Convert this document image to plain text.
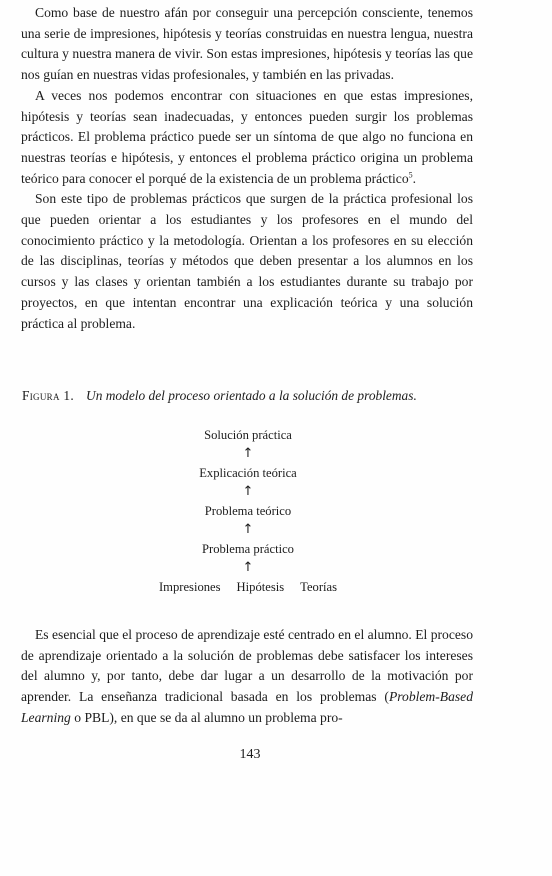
Como base de nuestro afán por conseguir una percepción consciente, tenemos una serie de impresiones, hipótesis y teorías construidas en nuestra lengua, nuestra cultura y nuestra manera de vivir. Son estas impresiones, hipótesis y teorías las que nos guían en nuestras vidas profesionales, y también en las privadas.

A veces nos podemos encontrar con situaciones en que estas impresiones, hipótesis y teorías sean inadecuadas, y entonces pueden surgir los problemas prácticos. El problema práctico puede ser un síntoma de que algo no funciona en nuestras teorías e hipótesis, y entonces el problema práctico origina un problema teórico para conocer el porqué de la existencia de un problema práctico$^5$.

Son este tipo de problemas prácticos que surgen de la práctica profesional los que pueden orientar a los estudiantes y los profesores en el mundo del conocimiento práctico y la metodología. Orientan a los profesores en su elección de las disciplinas, teorías y métodos que deben presentar a los alumnos en los cursos y las clases y orientan también a los estudiantes durante su trabajo por proyectos, en que intentan encontrar una explicación teórica y una solución práctica al problema.

Figura 1. Un modelo del proceso orientado a la solución de problemas.
Solución práctica
↑
Explicación teórica
↑
Problema teórico
↑
Problema práctico
↑
Impresiones Hipótesis Teorías

Es esencial que el proceso de aprendizaje esté centrado en el alumno. El proceso de aprendizaje orientado a la solución de problemas debe satisfacer los intereses del alumno y, por tanto, debe dar lugar a un desarrollo de la motivación por aprender. La enseñanza tradicional basada en los problemas (Problem-Based Learning o PBL), en que se da al alumno un problema pro-

143
